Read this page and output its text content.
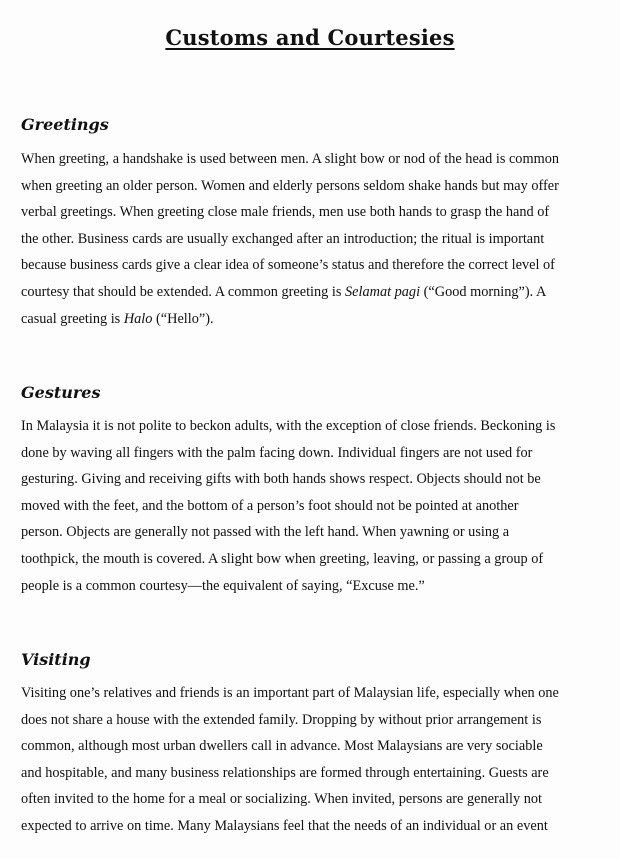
Customs and Courtesies
Greetings

When greeting, a handshake is used between men. A slight bow or nod of the head is common
when greeting an older person. Women and elderly persons seldom shake hands but may offer
verbal greetings. When greeting close male friends, men use both hands to grasp the hand of
the other. Business cards are usually exchanged after an introduction; the ritual is important
because business cards give a clear idea of someone’s status and therefore the correct level of
courtesy that should be extended. A common greeting is Selamat pagi (“Good morning”). A
casual greeting is Halo (“Hello”).

Gestures

In Malaysia it is not polite to beckon adults, with the exception of close friends. Beckoning is
done by waving all fingers with the palm facing down. Individual fingers are not used for
gesturing. Giving and receiving gifts with both hands shows respect. Objects should not be
moved with the feet, and the bottom of a person’s foot should not be pointed at another
person. Objects are generally not passed with the left hand. When yawning or using a
toothpick, the mouth is covered. A slight bow when greeting, leaving, or passing a group of
people is a common courtesy—the equivalent of saying, “Excuse me.”

Visiting

Visiting one’s relatives and friends is an important part of Malaysian life, especially when one
does not share a house with the extended family. Dropping by without prior arrangement is
common, although most urban dwellers call in advance. Most Malaysians are very sociable
and hospitable, and many business relationships are formed through entertaining. Guests are
often invited to the home for a meal or socializing. When invited, persons are generally not
expected to arrive on time. Many Malaysians feel that the needs of an individual or an event
